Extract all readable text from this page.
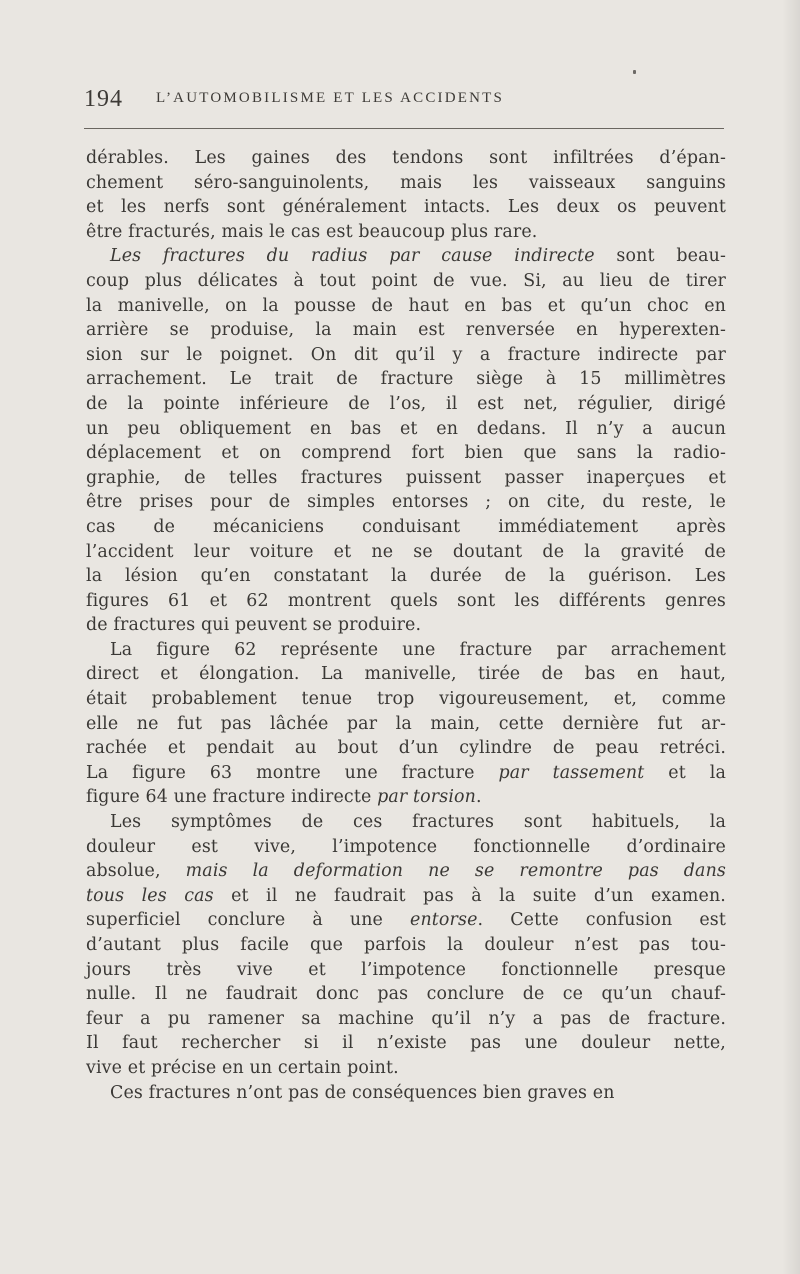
194 L’AUTOMOBILISME ET LES ACCIDENTS
dérables. Les gaines des tendons sont infiltrées d’épan-
chement séro-sanguinolents, mais les vaisseaux sanguins
et les nerfs sont généralement intacts. Les deux os peuvent
être fracturés, mais le cas est beaucoup plus rare.
Les fractures du radius par cause indirecte sont beau-
coup plus délicates à tout point de vue. Si, au lieu de tirer
la manivelle, on la pousse de haut en bas et qu’un choc en
arrière se produise, la main est renversée en hyperexten-
sion sur le poignet. On dit qu’il y a fracture indirecte par
arrachement. Le trait de fracture siège à 15 millimètres
de la pointe inférieure de l’os, il est net, régulier, dirigé
un peu obliquement en bas et en dedans. Il n’y a aucun
déplacement et on comprend fort bien que sans la radio-
graphie, de telles fractures puissent passer inaperçues et
être prises pour de simples entorses ; on cite, du reste, le
cas de mécaniciens conduisant immédiatement après
l’accident leur voiture et ne se doutant de la gravité de
la lésion qu’en constatant la durée de la guérison. Les
figures 61 et 62 montrent quels sont les différents genres
de fractures qui peuvent se produire.
La figure 62 représente une fracture par arrachement
direct et élongation. La manivelle, tirée de bas en haut,
était probablement tenue trop vigoureusement, et, comme
elle ne fut pas lâchée par la main, cette dernière fut ar-
rachée et pendait au bout d’un cylindre de peau retréci.
La figure 63 montre une fracture par tassement et la
figure 64 une fracture indirecte par torsion.
Les symptômes de ces fractures sont habituels, la
douleur est vive, l’impotence fonctionnelle d’ordinaire
absolue, mais la deformation ne se remontre pas dans
tous les cas et il ne faudrait pas à la suite d’un examen.
superficiel conclure à une entorse. Cette confusion est
d’autant plus facile que parfois la douleur n’est pas tou-
jours très vive et l’impotence fonctionnelle presque
nulle. Il ne faudrait donc pas conclure de ce qu’un chauf-
feur a pu ramener sa machine qu’il n’y a pas de fracture.
Il faut rechercher si il n’existe pas une douleur nette,
vive et précise en un certain point.
Ces fractures n’ont pas de conséquences bien graves en
